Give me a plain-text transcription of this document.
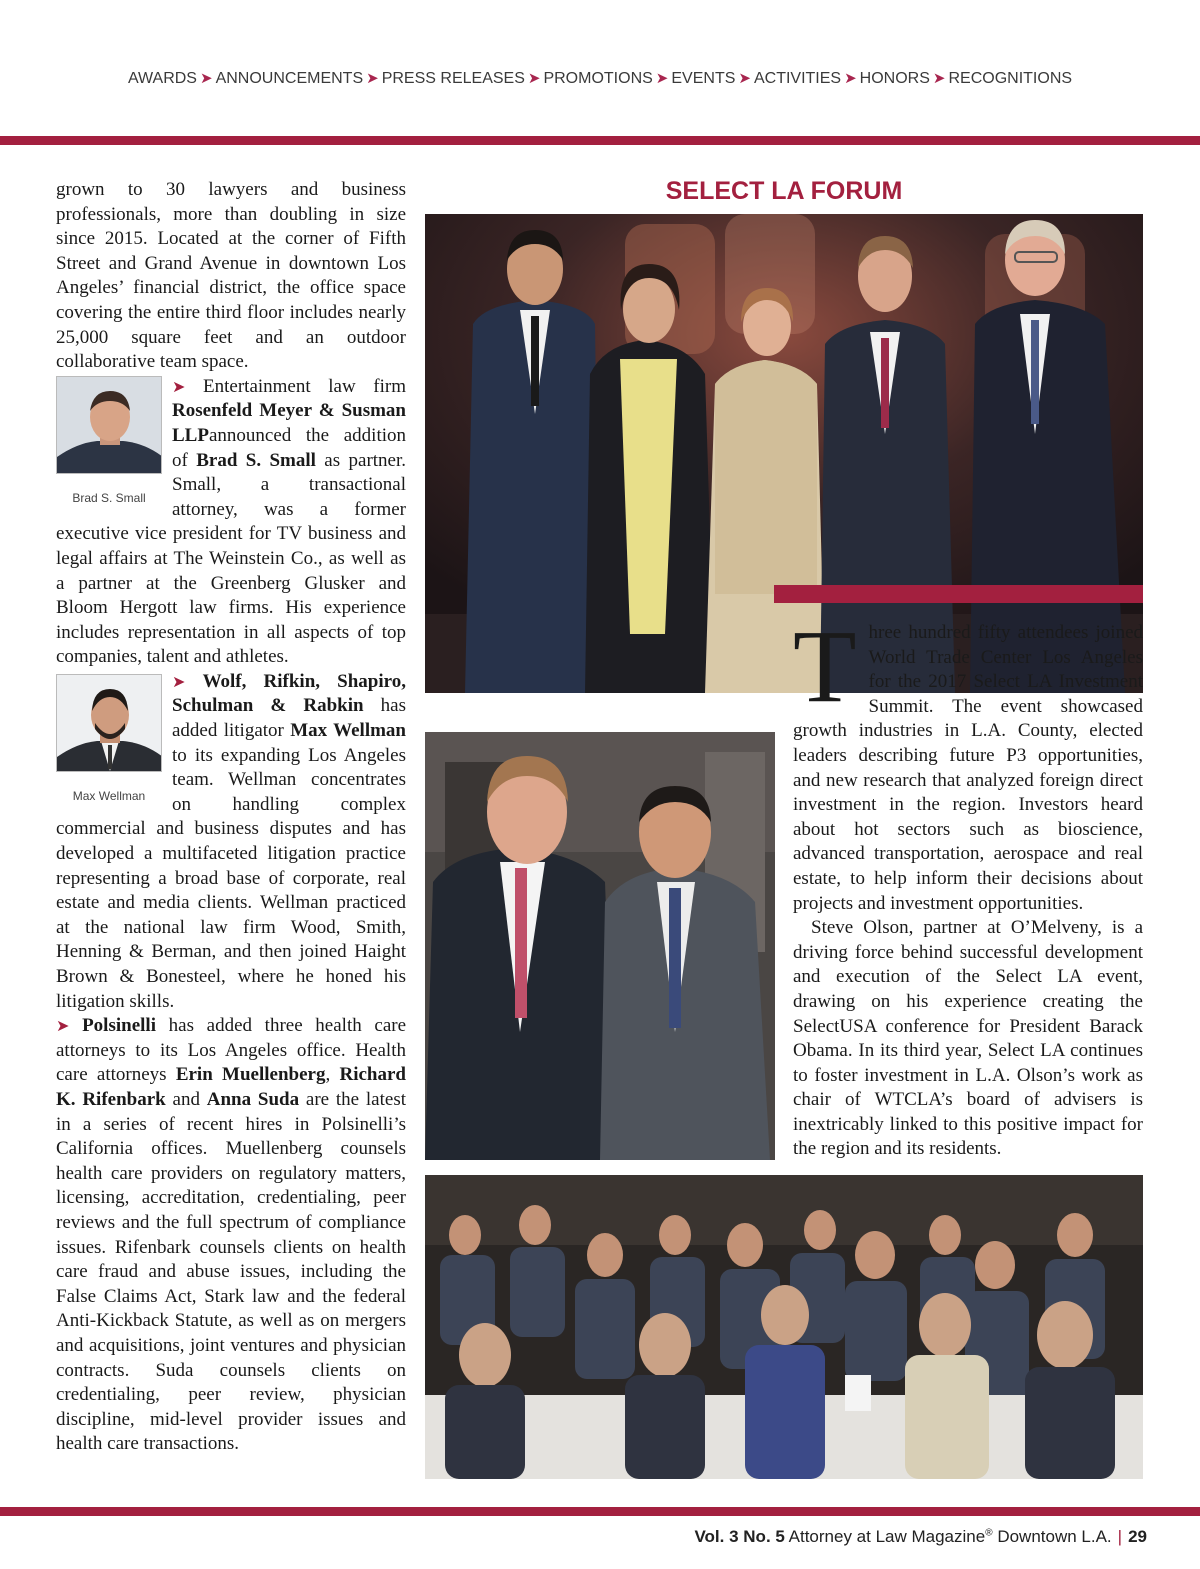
AWARDS ➤ ANNOUNCEMENTS ➤ PRESS RELEASES ➤ PROMOTIONS ➤ EVENTS ➤ ACTIVITIES ➤ HONORS ➤ RECOGNITIONS

grown to 30 lawyers and business professionals, more than doubling in size since 2015. Located at the corner of Fifth Street and Grand Avenue in downtown Los Angeles’ financial district, the office space covering the entire third floor includes nearly 25,000 square feet and an outdoor collaborative team space.

Brad S. Small

➤ Entertainment law firm Rosenfeld Meyer & Susman LLPannounced the addition of Brad S. Small as partner. Small, a transactional attorney, was a former executive vice president for TV business and legal affairs at The Weinstein Co., as well as a partner at the Greenberg Glusker and Bloom Hergott law firms. His experience includes representation in all aspects of top companies, talent and athletes.

Max Wellman

➤ Wolf, Rifkin, Shapiro, Schulman & Rabkin has added litigator Max Wellman to its expanding Los Angeles team. Wellman concentrates on handling complex commercial and business disputes and has developed a multifaceted litigation practice representing a broad base of corporate, real estate and media clients. Wellman practiced at the national law firm Wood, Smith, Henning & Berman, and then joined Haight Brown & Bonesteel, where he honed his litigation skills.

➤ Polsinelli has added three health care attorneys to its Los Angeles office. Health care attorneys Erin Muellenberg, Richard K. Rifenbark and Anna Suda are the latest in a series of recent hires in Polsinelli’s California offices. Muellenberg counsels health care providers on regulatory matters, licensing, accreditation, credentialing, peer reviews and the full spectrum of compliance issues. Rifenbark counsels clients on health care fraud and abuse issues, including the False Claims Act, Stark law and the federal Anti-Kickback Statute, as well as on mergers and acquisitions, joint ventures and physician contracts. Suda counsels clients on credentialing, peer review, physician discipline, mid-level provider issues and health care transactions.

SELECT LA FORUM

Three hundred fifty attendees joined World Trade Center Los Angeles for the 2017 Select LA Investment Summit. The event showcased growth industries in L.A. County, elected leaders describing future P3 opportunities, and new research that analyzed foreign direct investment in the region. Investors heard about hot sectors such as bioscience, advanced transportation, aerospace and real estate, to help inform their decisions about projects and investment opportunities.

Steve Olson, partner at O’Melveny, is a driving force behind successful development and execution of the Select LA event, drawing on his experience creating the SelectUSA conference for President Barack Obama. In its third year, Select LA continues to foster investment in L.A. Olson’s work as chair of WTCLA’s board of advisers is inextricably linked to this positive impact for the region and its residents.

Vol. 3 No. 5 Attorney at Law Magazine® Downtown L.A. | 29
